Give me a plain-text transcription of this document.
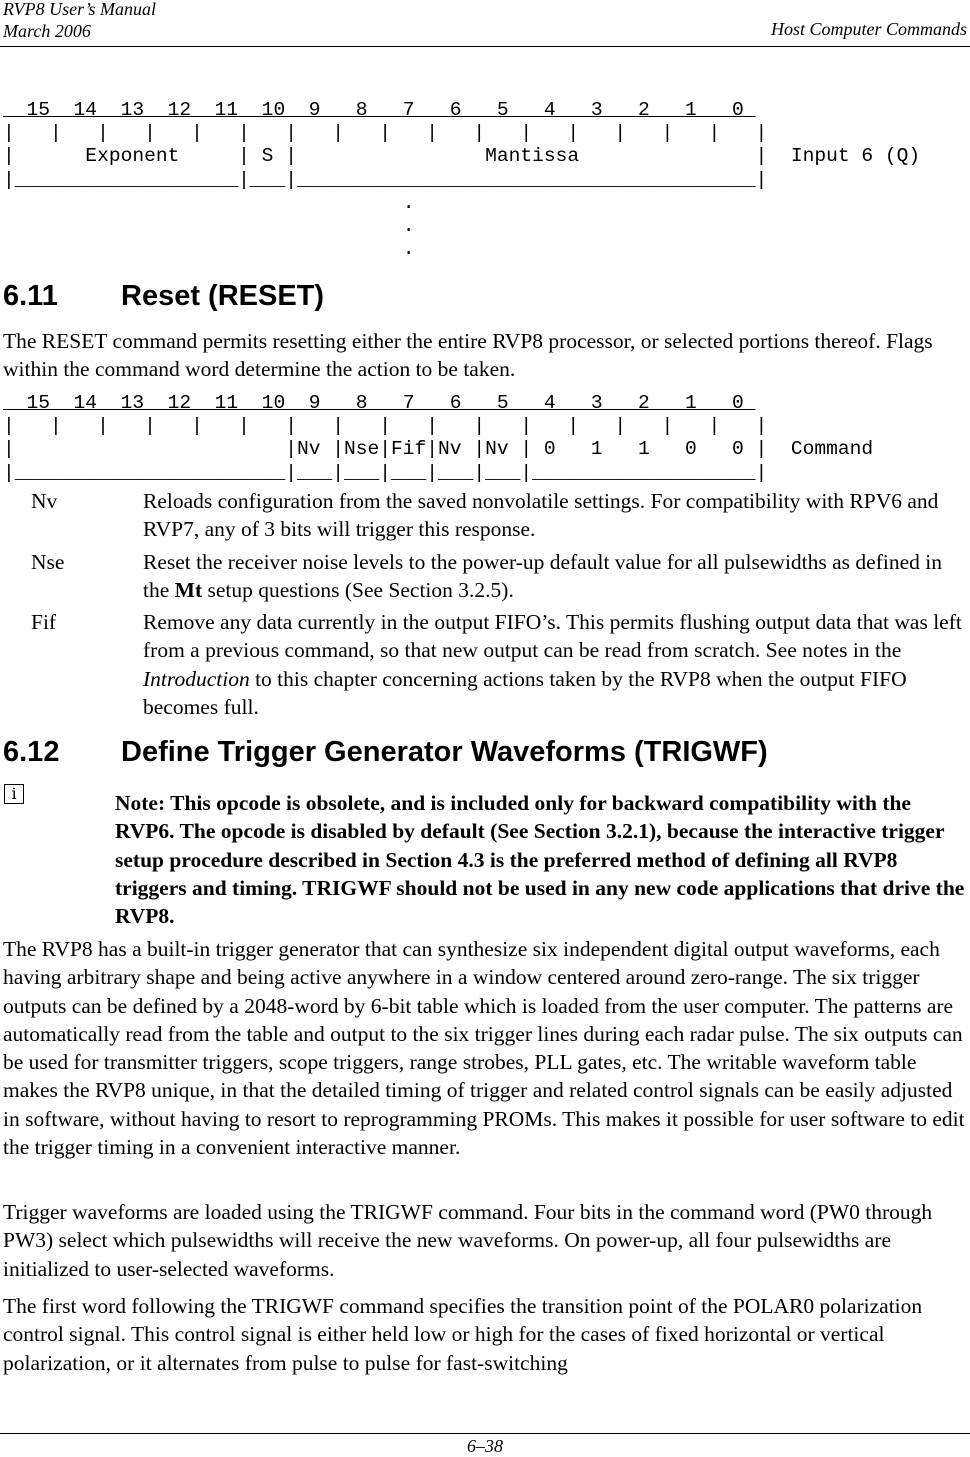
RVP8 User’s Manual
March 2006	Host Computer Commands
15  14  13  12  11  10  9   8   7   6   5   4   3   2   1   0
|   |   |   |   |   |   |   |   |   |   |   |   |   |   |   |   |
|      Exponent     | S |                Mantissa               | Input 6 (Q)
|___________________|___|_______________________________________|
.
.
.
6.11 Reset (RESET)

The RESET command permits resetting either the entire RVP8 processor, or selected portions thereof. Flags within the command word determine the action to be taken.

15  14  13  12  11  10  9   8   7   6   5   4   3   2   1   0
|   |   |   |   |   |   |   |   |   |   |   |   |   |   |   |   |
|                       |Nv |Nse|Fif|Nv |Nv | 0   1   1   0   0 | Command
|_______________________|___|___|___|___|___|___________________|
Nv	Reloads configuration from the saved nonvolatile settings. For compatibility with RPV6 and RVP7, any of 3 bits will trigger this response.
Nse	Reset the receiver noise levels to the power-up default value for all pulsewidths as defined in the Mt setup questions (See Section 3.2.5).
Fif	Remove any data currently in the output FIFO’s. This permits flushing output data that was left from a previous command, so that new output can be read from scratch. See notes in the Introduction to this chapter concerning actions taken by the RVP8 when the output FIFO becomes full.
6.12 Define Trigger Generator Waveforms (TRIGWF)
i	Note: This opcode is obsolete, and is included only for backward compatibility with the RVP6. The opcode is disabled by default (See Section 3.2.1), because the interactive trigger setup procedure described in Section 4.3 is the preferred method of defining all RVP8 triggers and timing. TRIGWF should not be used in any new code applications that drive the RVP8.

The RVP8 has a built-in trigger generator that can synthesize six independent digital output waveforms, each having arbitrary shape and being active anywhere in a window centered around zero-range. The six trigger outputs can be defined by a 2048-word by 6-bit table which is loaded from the user computer. The patterns are automatically read from the table and output to the six trigger lines during each radar pulse. The six outputs can be used for transmitter triggers, scope triggers, range strobes, PLL gates, etc. The writable waveform table makes the RVP8 unique, in that the detailed timing of trigger and related control signals can be easily adjusted in software, without having to resort to reprogramming PROMs. This makes it possible for user software to edit the trigger timing in a convenient interactive manner.

Trigger waveforms are loaded using the TRIGWF command. Four bits in the command word (PW0 through PW3) select which pulsewidths will receive the new waveforms. On power-up, all four pulsewidths are initialized to user-selected waveforms.

The first word following the TRIGWF command specifies the transition point of the POLAR0 polarization control signal. This control signal is either held low or high for the cases of fixed horizontal or vertical polarization, or it alternates from pulse to pulse for fast-switching

6–38
